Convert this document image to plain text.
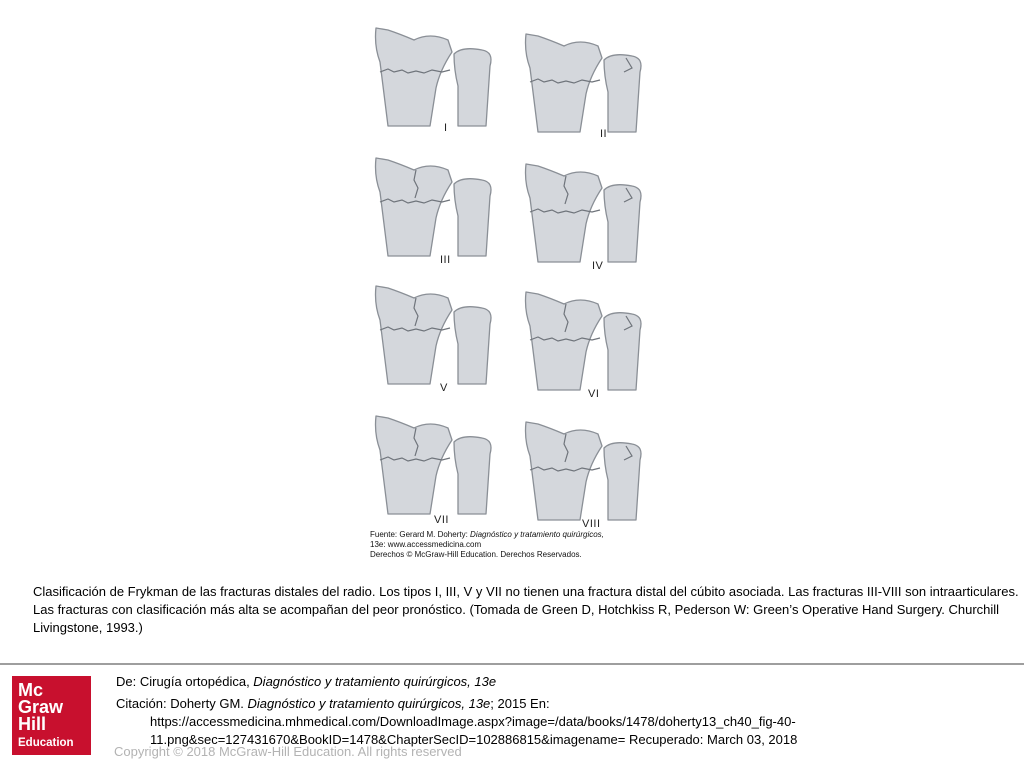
I	II
III	IV
V	VI
VII	VIII
Fuente: Gerard M. Doherty: Diagnóstico y tratamiento quirúrgicos,
13e: www.accessmedicina.com
Derechos © McGraw-Hill Education. Derechos Reservados.

Clasificación de Frykman de las fracturas distales del radio. Los tipos I, III, V y VII no tienen una fractura distal del cúbito asociada. Las fracturas III-VIII son intraarticulares. Las fracturas con clasificación más alta se acompañan del peor pronóstico. (Tomada de Green D, Hotchkiss R, Pederson W: Green’s Operative Hand Surgery. Churchill Livingstone, 1993.)

Mc
Graw
Hill
Education
De: Cirugía ortopédica, Diagnóstico y tratamiento quirúrgicos, 13e
Citación: Doherty GM. Diagnóstico y tratamiento quirúrgicos, 13e; 2015 En:
https://accessmedicina.mhmedical.com/DownloadImage.aspx?image=/data/books/1478/doherty13_ch40_fig-40-
11.png&sec=127431670&BookID=1478&ChapterSecID=102886815&imagename= Recuperado: March 03, 2018
Copyright © 2018 McGraw-Hill Education. All rights reserved
